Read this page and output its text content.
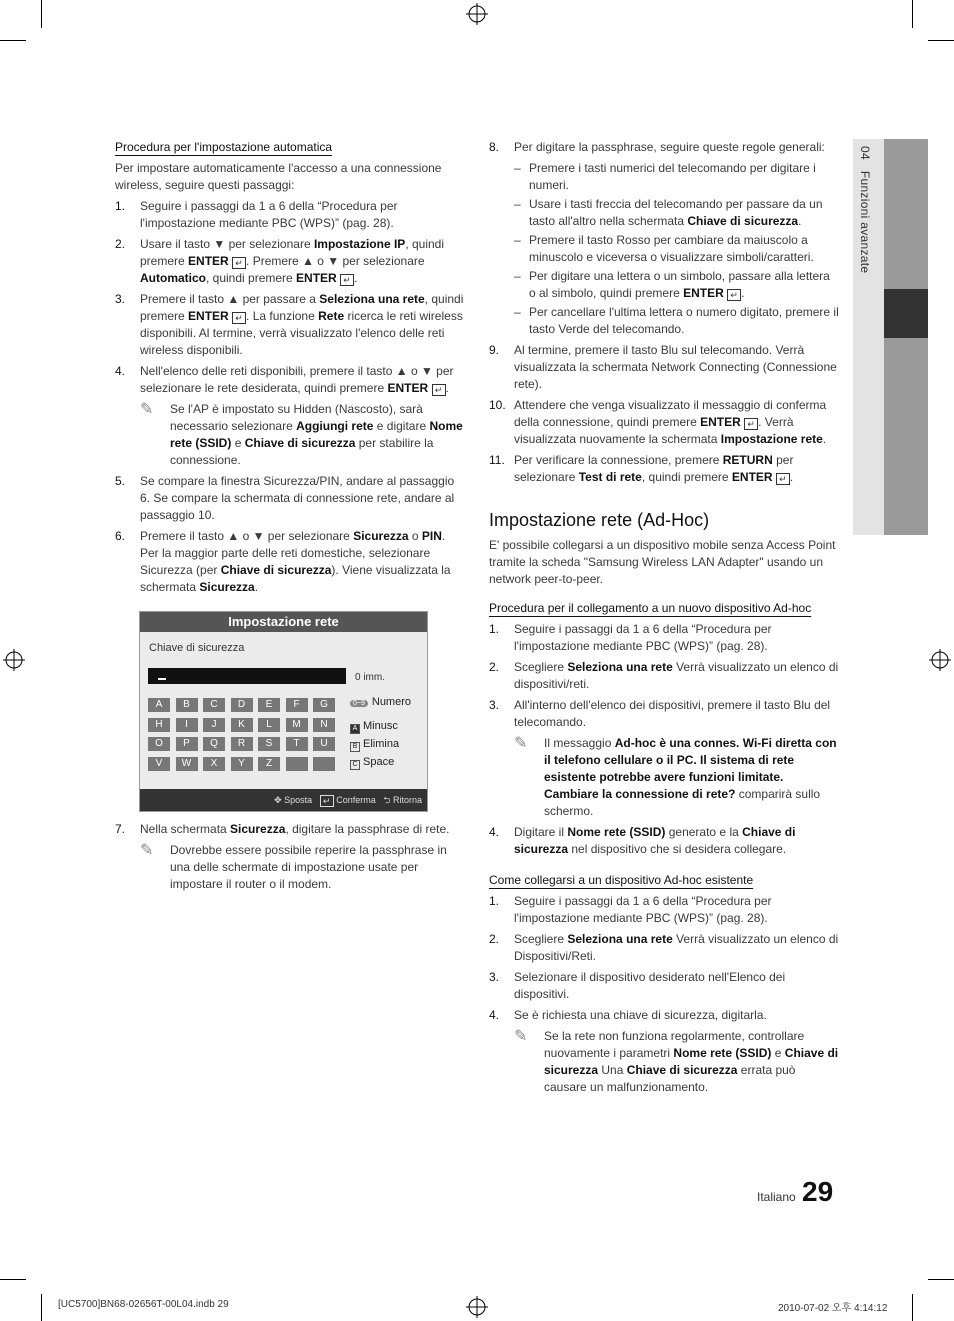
04   Funzioni avanzate

Procedura per l'impostazione automatica

Per impostare automaticamente l'accesso a una connessione wireless, seguire questi passaggi:

1. Seguire i passaggi da 1 a 6 della “Procedura per l'impostazione mediante PBC (WPS)” (pag. 28).
2. Usare il tasto ▼ per selezionare Impostazione IP, quindi premere ENTER ↵ . Premere ▲ o ▼ per selezionare Automatico, quindi premere ENTER ↵ .
3. Premere il tasto ▲ per passare a Seleziona una rete, quindi premere ENTER ↵ . La funzione Rete ricerca le reti wireless disponibili. Al termine, verrà visualizzato l'elenco delle reti wireless disponibili.
4. Nell'elenco delle reti disponibili, premere il tasto ▲ o ▼ per selezionare le rete desiderata, quindi premere ENTER ↵ .
✎ Se l'AP è impostato su Hidden (Nascosto), sarà necessario selezionare Aggiungi rete e digitare Nome rete (SSID) e Chiave di sicurezza per stabilire la connessione.
5. Se compare la finestra Sicurezza/PIN, andare al passaggio 6. Se compare la schermata di connessione rete, andare al passaggio 10.
6. Premere il tasto ▲ o ▼ per selezionare Sicurezza o PIN. Per la maggior parte delle reti domestiche, selezionare Sicurezza (per Chiave di sicurezza). Viene visualizzata la schermata Sicurezza.
Impostazione rete
Chiave di sicurezza
0 imm.
A	B	C	D	E	F	G
H	I	J	K	L	M	N
O	P	Q	R	S	T	U
V	W	X	Y	Z
0~9 Numero
A Minusc
B Elimina
C Space
✥ Sposta ↵ Conferma ⮌ Ritorna
7. Nella schermata Sicurezza, digitare la passphrase di rete.
✎ Dovrebbe essere possibile reperire la passphrase in una delle schermate di impostazione usate per impostare il router o il modem.
8. Per digitare la passphrase, seguire queste regole generali:
– Premere i tasti numerici del telecomando per digitare i numeri.
– Usare i tasti freccia del telecomando per passare da un tasto all'altro nella schermata Chiave di sicurezza.
– Premere il tasto Rosso per cambiare da maiuscolo a minuscolo e viceversa o visualizzare simboli/caratteri.
– Per digitare una lettera o un simbolo, passare alla lettera o al simbolo, quindi premere ENTER ↵ .
– Per cancellare l'ultima lettera o numero digitato, premere il tasto Verde del telecomando.
9. Al termine, premere il tasto Blu sul telecomando. Verrà visualizzata la schermata Network Connecting (Connessione rete).
10. Attendere che venga visualizzato il messaggio di conferma della connessione, quindi premere ENTER ↵ . Verrà visualizzata nuovamente la schermata Impostazione rete.
11. Per verificare la connessione, premere RETURN per selezionare Test di rete, quindi premere ENTER ↵ .
Impostazione rete (Ad-Hoc)

E' possibile collegarsi a un dispositivo mobile senza Access Point tramite la scheda "Samsung Wireless LAN Adapter" usando un network peer-to-peer.

Procedura per il collegamento a un nuovo dispositivo Ad-hoc

1. Seguire i passaggi da 1 a 6 della “Procedura per l'impostazione mediante PBC (WPS)” (pag. 28).
2. Scegliere Seleziona una rete Verrà visualizzato un elenco di dispositivi/reti.
3. All'interno dell'elenco dei dispositivi, premere il tasto Blu del telecomando.
✎ Il messaggio Ad-hoc è una connes. Wi-Fi diretta con il telefono cellulare o il PC. Il sistema di rete esistente potrebbe avere funzioni limitate. Cambiare la connessione di rete? comparirà sullo schermo.
4. Digitare il Nome rete (SSID) generato e la Chiave di sicurezza nel dispositivo che si desidera collegare.

Come collegarsi a un dispositivo Ad-hoc esistente

1. Seguire i passaggi da 1 a 6 della “Procedura per l'impostazione mediante PBC (WPS)” (pag. 28).
2. Scegliere Seleziona una rete Verrà visualizzato un elenco di Dispositivi/Reti.
3. Selezionare il dispositivo desiderato nell'Elenco dei dispositivi.
4. Se è richiesta una chiave di sicurezza, digitarla.
✎ Se la rete non funziona regolarmente, controllare nuovamente i parametri Nome rete (SSID) e Chiave di sicurezza Una Chiave di sicurezza errata può causare un malfunzionamento.
Italiano 29
[UC5700]BN68-02656T-00L04.indb 29	2010-07-02 오후 4:14:12
